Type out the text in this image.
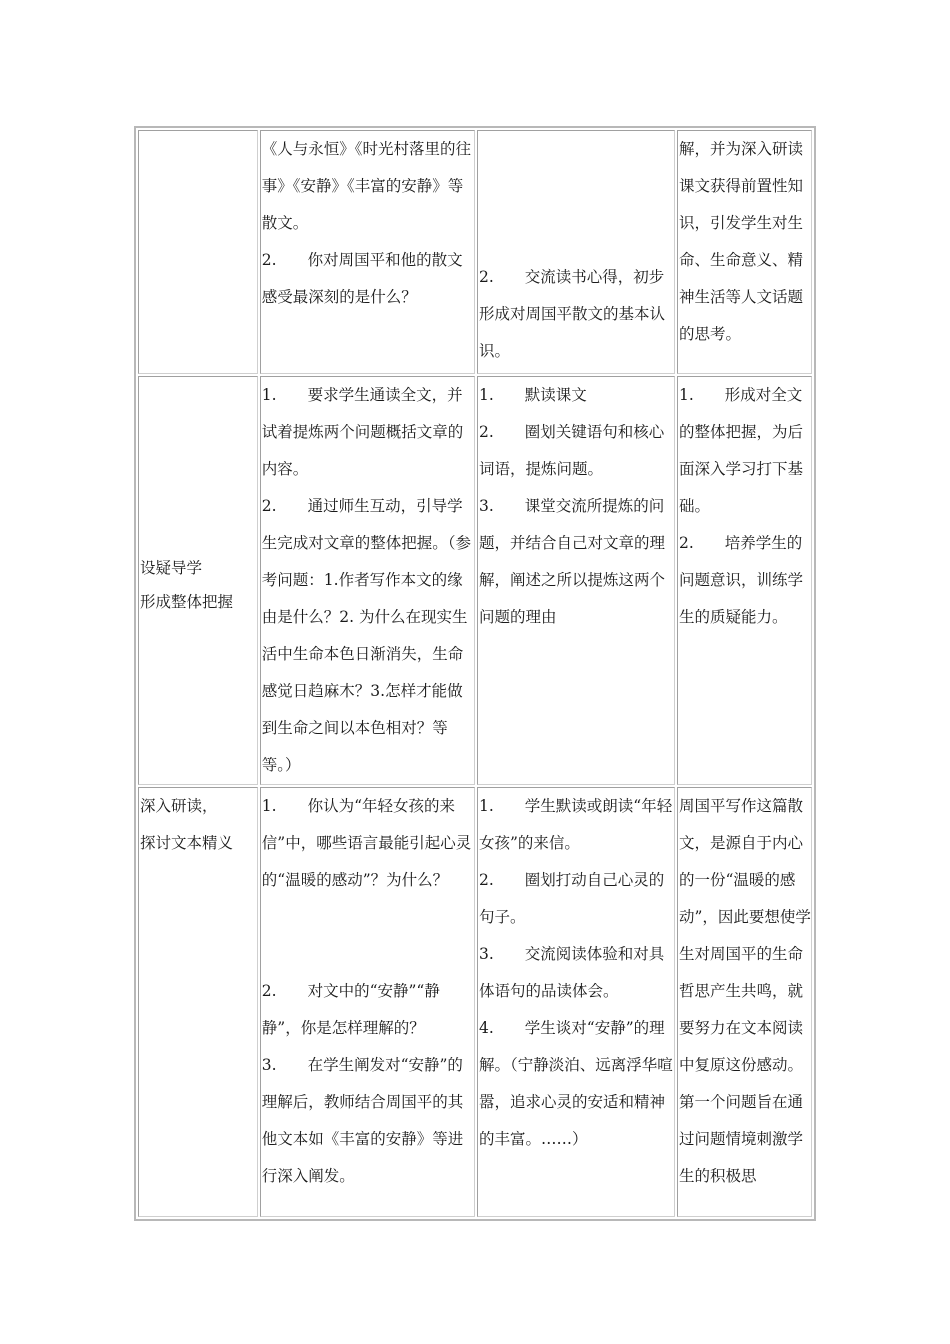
	《人与永恒》《时光村落里的往事》《安静》《丰富的安静》等散文。
2.　　你对周国平和他的散文感受最深刻的是什么？	2.　　交流读书心得，初步形成对周国平散文的基本认识。	解，并为深入研读课文获得前置性知识，引发学生对生命、生命意义、精神生活等人文话题的思考。

设疑导学
形成整体把握	1.　　要求学生通读全文，并试着提炼两个问题概括文章的内容。
2.　　通过师生互动，引导学生完成对文章的整体把握。（参考问题：1.作者写作本文的缘由是什么？2. 为什么在现实生活中生命本色日渐消失，生命感觉日趋麻木？3.怎样才能做到生命之间以本色相对？等等。）	1.　　默读课文
2.　　圈划关键语句和核心词语，提炼问题。
3.　　课堂交流所提炼的问题，并结合自己对文章的理解，阐述之所以提炼这两个问题的理由	1.　　形成对全文的整体把握，为后面深入学习打下基础。
2.　　培养学生的问题意识，训练学生的质疑能力。

深入研读，
探讨文本精义	1.　　你认为“年轻女孩的来信”中，哪些语言最能引起心灵的“温暖的感动”？为什么？
2.　　对文中的“安静”“静静”，你是怎样理解的？
3.　　在学生阐发对“安静”的理解后，教师结合周国平的其他文本如《丰富的安静》等进行深入阐发。	1.　　学生默读或朗读“年轻女孩”的来信。
2.　　圈划打动自己心灵的句子。
3.　　交流阅读体验和对具体语句的品读体会。
4.　　学生谈对“安静”的理解。（宁静淡泊、远离浮华喧嚣，追求心灵的安适和精神的丰富。……）	周国平写作这篇散文，是源自于内心的一份“温暖的感动”，因此要想使学生对周国平的生命哲思产生共鸣，就要努力在文本阅读中复原这份感动。第一个问题旨在通过问题情境刺激学生的积极思
